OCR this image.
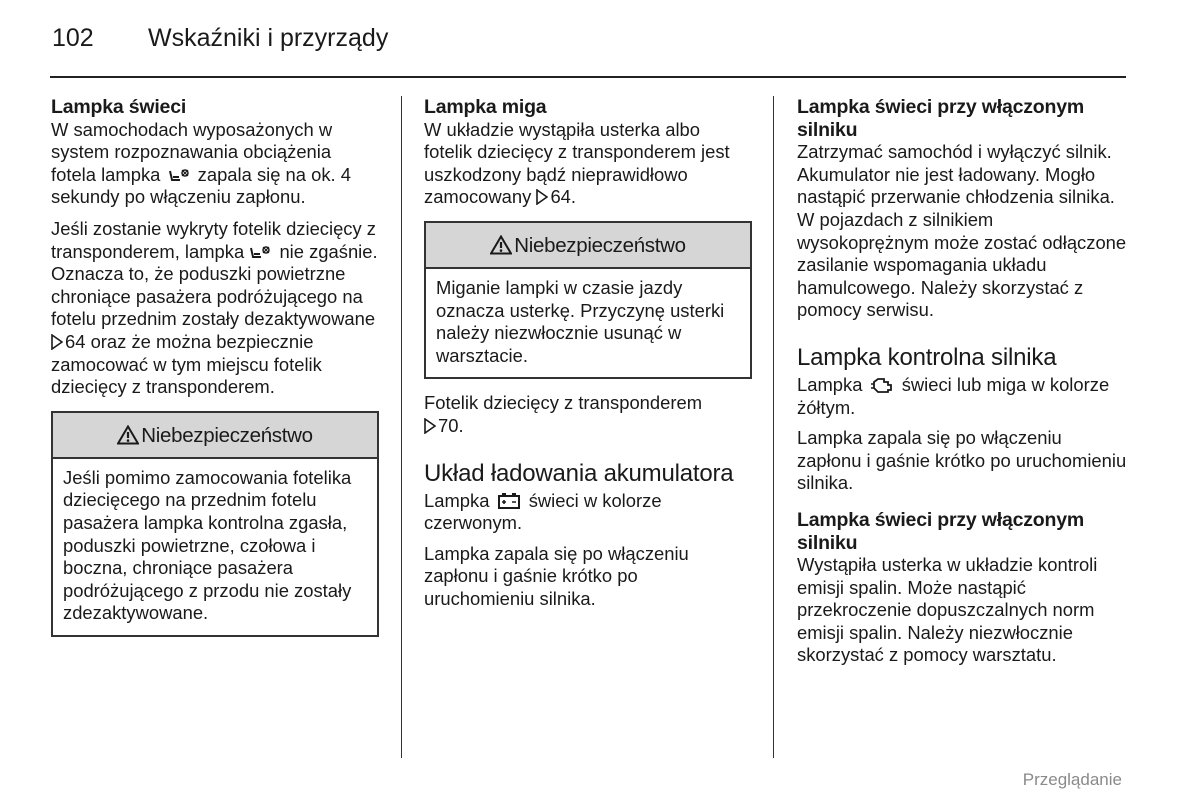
102 Wskaźniki i przyrządy
Lampka świeci

W samochodach wyposażonych w system rozpoznawania obciążenia fotela lampka zapala się na ok. 4 sekundy po włączeniu zapłonu.

Jeśli zostanie wykryty fotelik dziecięcy z transponderem, lampka nie zgaśnie. Oznacza to, że poduszki powietrzne chroniące pasażera podróżującego na fotelu przednim zostały dezaktywowane 64 oraz że można bezpiecznie zamocować w tym miejscu fotelik dziecięcy z transponderem.

Niebezpieczeństwo
Jeśli pomimo zamocowania fotelika dziecięcego na przednim fotelu pasażera lampka kontrolna zgasła, poduszki powietrzne, czołowa i boczna, chroniące pasażera podróżującego z przodu nie zostały zdezaktywowane.
Lampka miga

W układzie wystąpiła usterka albo fotelik dziecięcy z transponderem jest uszkodzony bądź nieprawidłowo zamocowany 64.

Niebezpieczeństwo
Miganie lampki w czasie jazdy oznacza usterkę. Przyczynę usterki należy niezwłocznie usunąć w warsztacie.

Fotelik dziecięcy z transponderem
70.

Układ ładowania akumulatora

Lampka świeci w kolorze czerwonym.

Lampka zapala się po włączeniu zapłonu i gaśnie krótko po uruchomieniu silnika.

Lampka świeci przy włączonym silniku

Zatrzymać samochód i wyłączyć silnik. Akumulator nie jest ładowany. Mogło nastąpić przerwanie chłodzenia silnika. W pojazdach z silnikiem wysokoprężnym może zostać odłączone zasilanie wspomagania układu hamulcowego. Należy skorzystać z pomocy serwisu.

Lampka kontrolna silnika

Lampka świeci lub miga w kolorze żółtym.

Lampka zapala się po włączeniu zapłonu i gaśnie krótko po uruchomieniu silnika.

Lampka świeci przy włączonym silniku

Wystąpiła usterka w układzie kontroli emisji spalin. Może nastąpić przekroczenie dopuszczalnych norm emisji spalin. Należy niezwłocznie skorzystać z pomocy warsztatu.

Przeglądanie
